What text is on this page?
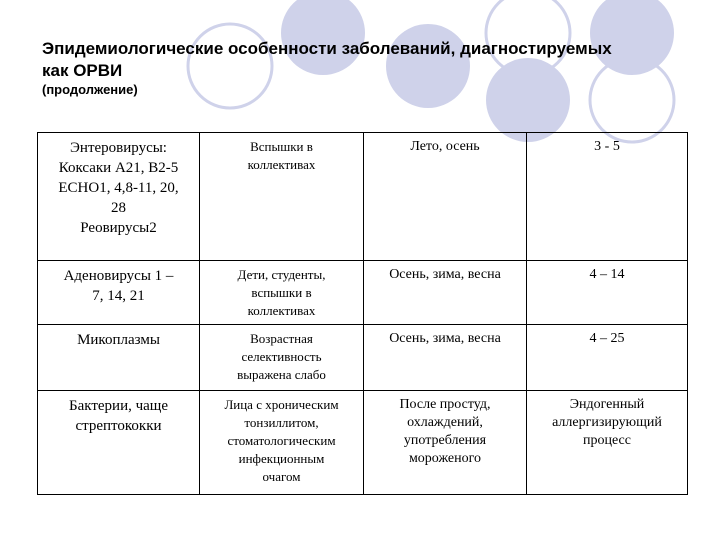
Эпидемиологические особенности заболеваний, диагностируемых
как ОРВИ
(продолжение)
Энтеровирусы:
Коксаки А21, В2-5
ЕСНО1, 4,8-11, 20,
28
Реовирусы2	Вспышки в
коллективах	Лето, осень	3 - 5

Аденовирусы 1 –
7, 14, 21	Дети, студенты,
вспышки в
коллективах	Осень, зима, весна	4 – 14

Микоплазмы	Возрастная
селективность
выражена слабо	Осень, зима, весна	4 – 25

Бактерии, чаще
стрептококки	Лица с хроническим
тонзиллитом,
стоматологическим
инфекционным
очагом	После простуд,
охлаждений,
употребления
мороженого	Эндогенный
аллергизирующий
процесс
